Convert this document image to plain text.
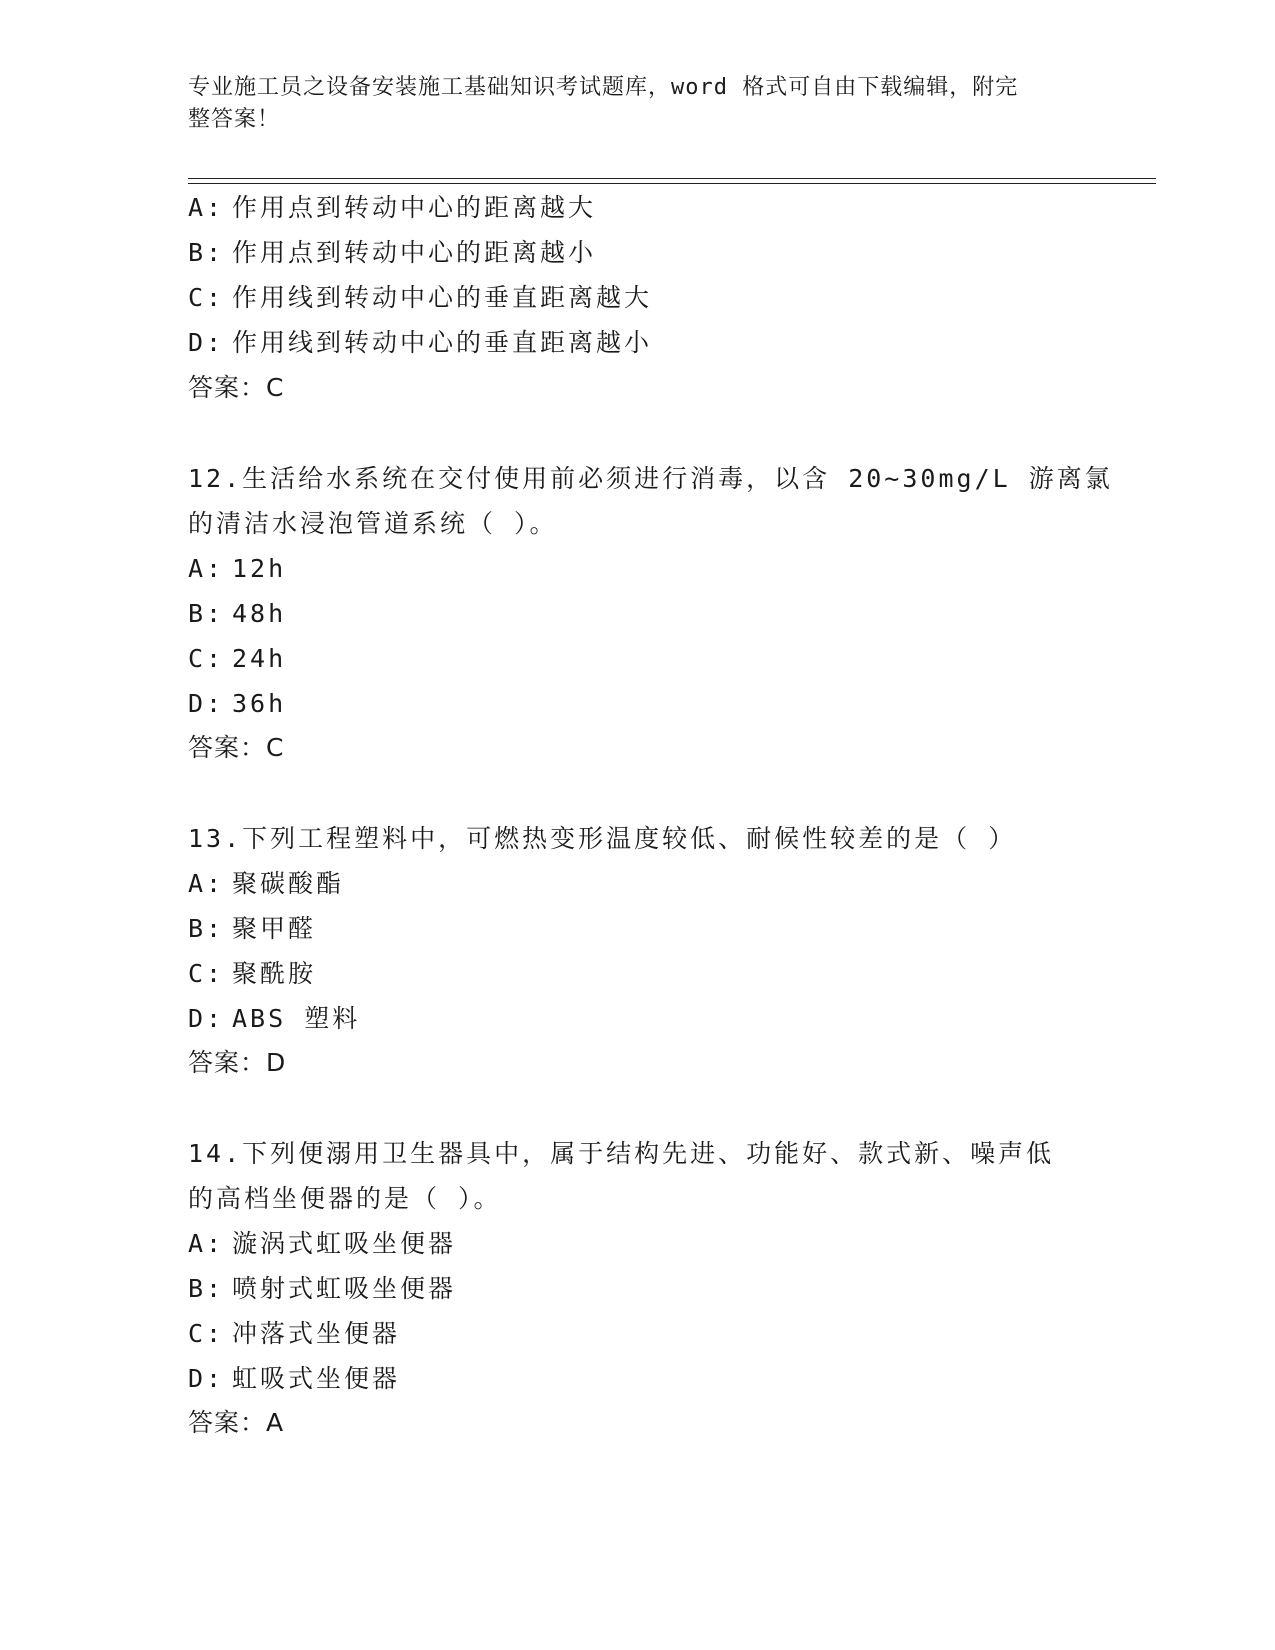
专业施工员之设备安装施工基础知识考试题库，word 格式可自由下载编辑，附完
整答案！
A: 作用点到转动中心的距离越大
B: 作用点到转动中心的距离越小
C: 作用线到转动中心的垂直距离越大
D: 作用线到转动中心的垂直距离越小
答案：C
12.生活给水系统在交付使用前必须进行消毒，以含 20~30mg/L 游离氯
的清洁水浸泡管道系统（ ）。
A: 12h
B: 48h
C: 24h
D: 36h
答案：C
13.下列工程塑料中，可燃热变形温度较低、耐候性较差的是（ ）
A: 聚碳酸酯
B: 聚甲醛
C: 聚酰胺
D: ABS 塑料
答案：D
14.下列便溺用卫生器具中，属于结构先进、功能好、款式新、噪声低
的高档坐便器的是（ ）。
A: 漩涡式虹吸坐便器
B: 喷射式虹吸坐便器
C: 冲落式坐便器
D: 虹吸式坐便器
答案：A
